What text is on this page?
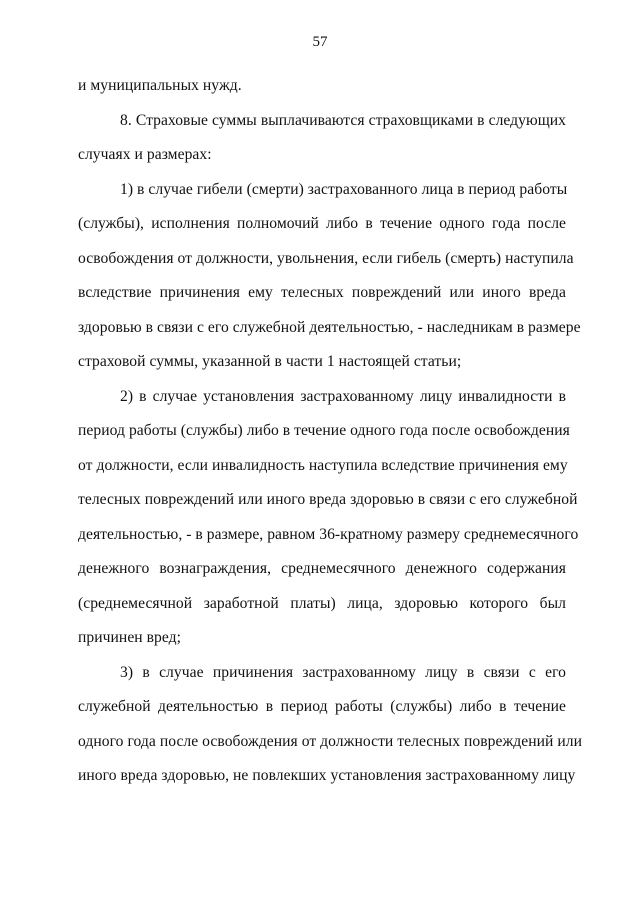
57
и муниципальных нужд.
8. Страховые суммы выплачиваются страховщиками в следующих
случаях и размерах:
1) в случае гибели (смерти) застрахованного лица в период работы
(службы), исполнения полномочий либо в течение одного года после
освобождения от должности, увольнения, если гибель (смерть) наступила
вследствие причинения ему телесных повреждений или иного вреда
здоровью в связи с его служебной деятельностью, - наследникам в размере
страховой суммы, указанной в части 1 настоящей статьи;
2) в случае установления застрахованному лицу инвалидности в
период работы (службы) либо в течение одного года после освобождения
от должности, если инвалидность наступила вследствие причинения ему
телесных повреждений или иного вреда здоровью в связи с его служебной
деятельностью, - в размере, равном 36-кратному размеру среднемесячного
денежного вознаграждения, среднемесячного денежного содержания
(среднемесячной заработной платы) лица, здоровью которого был
причинен вред;
3) в случае причинения застрахованному лицу в связи с его
служебной деятельностью в период работы (службы) либо в течение
одного года после освобождения от должности телесных повреждений или
иного вреда здоровью, не повлекших установления застрахованному лицу
